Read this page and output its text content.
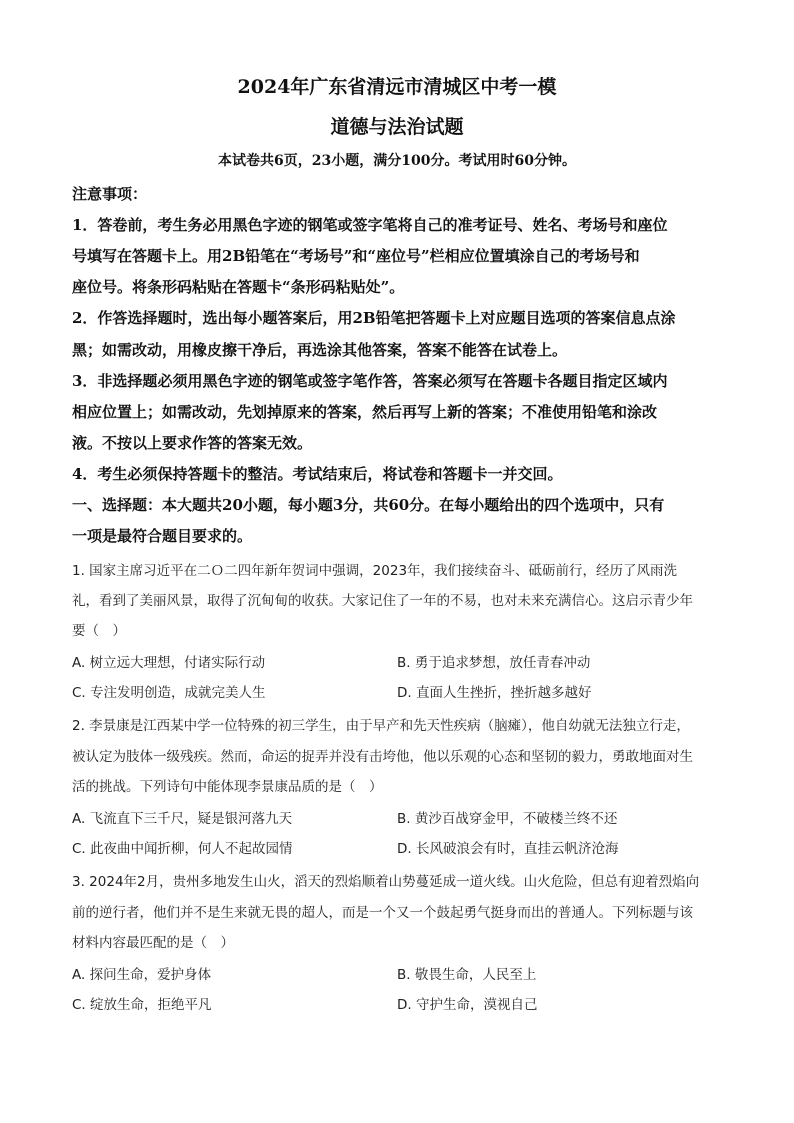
2024年广东省清远市清城区中考一模
道德与法治试题
本试卷共6页，23小题，满分100分。考试用时60分钟。
注意事项：
1．答卷前，考生务必用黑色字迹的钢笔或签字笔将自己的准考证号、姓名、考场号和座位
号填写在答题卡上。用2B铅笔在“考场号”和“座位号”栏相应位置填涂自己的考场号和
座位号。将条形码粘贴在答题卡“条形码粘贴处”。
2．作答选择题时，选出每小题答案后，用2B铅笔把答题卡上对应题目选项的答案信息点涂
黑；如需改动，用橡皮擦干净后，再选涂其他答案，答案不能答在试卷上。
3．非选择题必须用黑色字迹的钢笔或签字笔作答，答案必须写在答题卡各题目指定区域内
相应位置上；如需改动，先划掉原来的答案，然后再写上新的答案；不准使用铅笔和涂改
液。不按以上要求作答的答案无效。
4．考生必须保持答题卡的整洁。考试结束后，将试卷和答题卡一并交回。
一、选择题：本大题共20小题，每小题3分，共60分。在每小题给出的四个选项中，只有
一项是最符合题目要求的。
1. 国家主席习近平在二Ｏ二四年新年贺词中强调，2023年，我们接续奋斗、砥砺前行，经历了风雨洗
礼，看到了美丽风景，取得了沉甸甸的收获。大家记住了一年的不易，也对未来充满信心。这启示青少年
要（　）
A. 树立远大理想，付诸实际行动	B. 勇于追求梦想，放任青春冲动
C. 专注发明创造，成就完美人生	D. 直面人生挫折，挫折越多越好
2. 李景康是江西某中学一位特殊的初三学生，由于早产和先天性疾病（脑瘫），他自幼就无法独立行走，
被认定为肢体一级残疾。然而，命运的捉弄并没有击垮他，他以乐观的心态和坚韧的毅力，勇敢地面对生
活的挑战。下列诗句中能体现李景康品质的是（　）
A. 飞流直下三千尺，疑是银河落九天	B. 黄沙百战穿金甲，不破楼兰终不还
C. 此夜曲中闻折柳，何人不起故园情	D. 长风破浪会有时，直挂云帆济沧海
3. 2024年2月，贵州多地发生山火，滔天的烈焰顺着山势蔓延成一道火线。山火危险，但总有迎着烈焰向
前的逆行者，他们并不是生来就无畏的超人，而是一个又一个鼓起勇气挺身而出的普通人。下列标题与该
材料内容最匹配的是（　）
A. 探问生命，爱护身体	B. 敬畏生命，人民至上
C. 绽放生命，拒绝平凡	D. 守护生命，漠视自己
